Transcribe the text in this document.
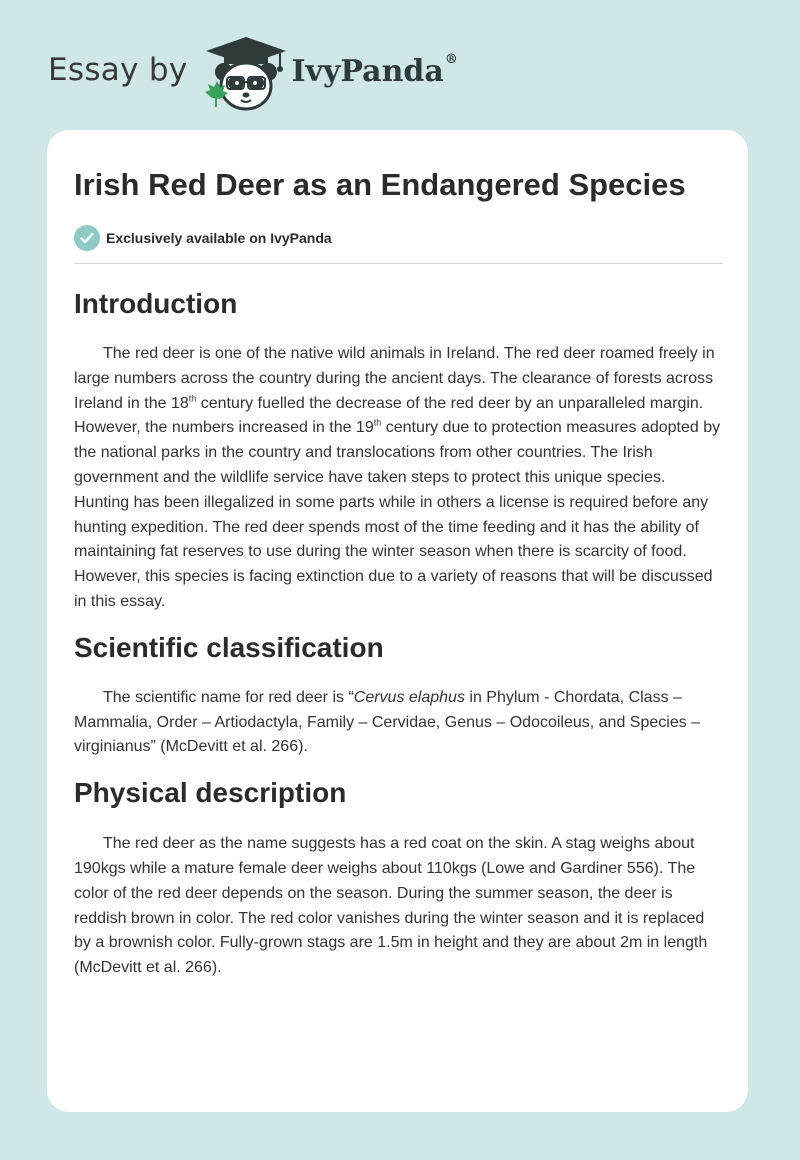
Essay by	IvyPanda®
Irish Red Deer as an Endangered Species
Exclusively available on IvyPanda
Introduction

The red deer is one of the native wild animals in Ireland. The red deer roamed freely in large numbers across the country during the ancient days. The clearance of forests across Ireland in the 18th century fuelled the decrease of the red deer by an unparalleled margin. However, the numbers increased in the 19th century due to protection measures adopted by the national parks in the country and translocations from other countries. The Irish government and the wildlife service have taken steps to protect this unique species. Hunting has been illegalized in some parts while in others a license is required before any hunting expedition. The red deer spends most of the time feeding and it has the ability of maintaining fat reserves to use during the winter season when there is scarcity of food. However, this species is facing extinction due to a variety of reasons that will be discussed in this essay.

Scientific classification

The scientific name for red deer is “Cervus elaphus in Phylum - Chordata, Class – Mammalia, Order – Artiodactyla, Family – Cervidae, Genus – Odocoileus, and Species – virginianus” (McDevitt et al. 266).

Physical description

The red deer as the name suggests has a red coat on the skin. A stag weighs about 190kgs while a mature female deer weighs about 110kgs (Lowe and Gardiner 556). The color of the red deer depends on the season. During the summer season, the deer is reddish brown in color. The red color vanishes during the winter season and it is replaced by a brownish color. Fully-grown stags are 1.5m in height and they are about 2m in length (McDevitt et al. 266).
